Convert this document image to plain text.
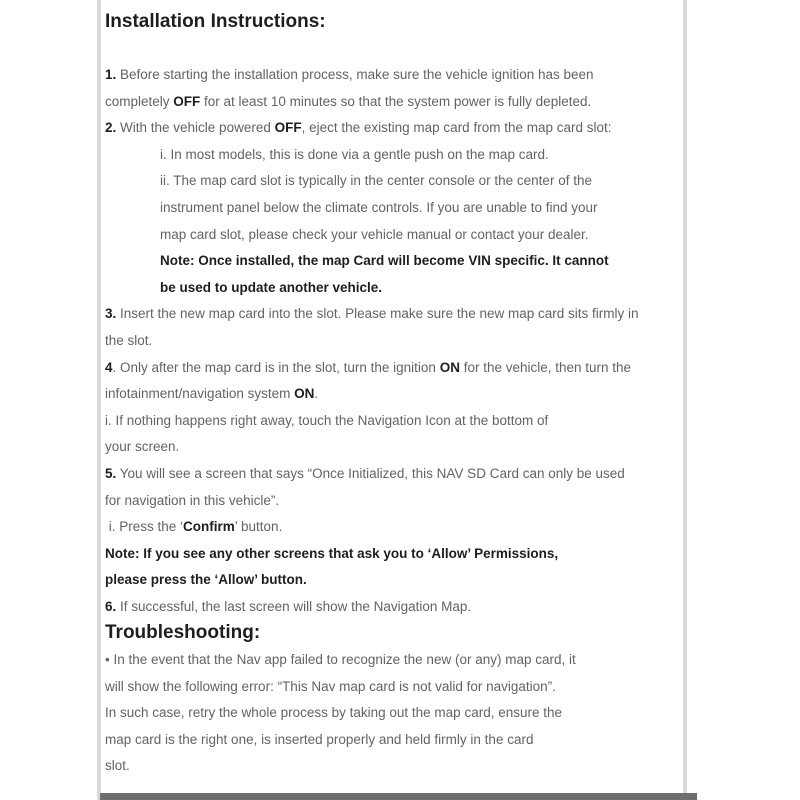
Installation Instructions:
1. Before starting the installation process, make sure the vehicle ignition has been
completely OFF for at least 10 minutes so that the system power is fully depleted.
2. With the vehicle powered OFF, eject the existing map card from the map card slot:
i. In most models, this is done via a gentle push on the map card.
ii. The map card slot is typically in the center console or the center of the
instrument panel below the climate controls. If you are unable to find your
map card slot, please check your vehicle manual or contact your dealer.
Note: Once installed, the map Card will become VIN specific. It cannot
be used to update another vehicle.
3. Insert the new map card into the slot. Please make sure the new map card sits firmly in
the slot.
4. Only after the map card is in the slot, turn the ignition ON for the vehicle, then turn the
infotainment/navigation system ON.
i. If nothing happens right away, touch the Navigation Icon at the bottom of
your screen.
5. You will see a screen that says “Once Initialized, this NAV SD Card can only be used
for navigation in this vehicle”.
i. Press the ‘Confirm’ button.
Note: If you see any other screens that ask you to ‘Allow’ Permissions,
please press the ‘Allow’ button.
6. If successful, the last screen will show the Navigation Map.
Troubleshooting:
• In the event that the Nav app failed to recognize the new (or any) map card, it
will show the following error: “This Nav map card is not valid for navigation”.
In such case, retry the whole process by taking out the map card, ensure the
map card is the right one, is inserted properly and held firmly in the card
slot.
